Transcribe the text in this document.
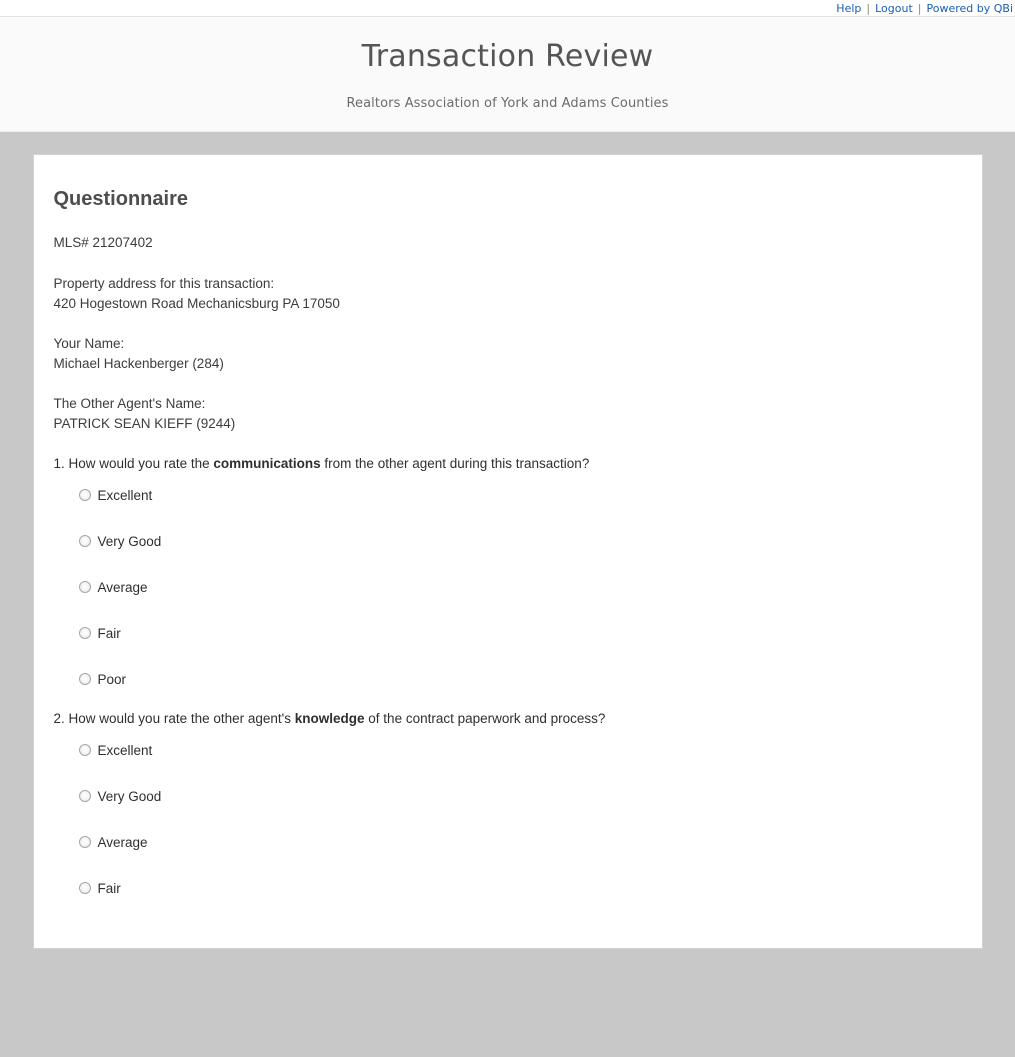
Help | Logout | Powered by QBi
Transaction Review

Realtors Association of York and Adams Counties

Questionnaire

MLS# 21207402

Property address for this transaction:

420 Hogestown Road Mechanicsburg PA 17050

Your Name:

Michael Hackenberger (284)

The Other Agent's Name:

PATRICK SEAN KIEFF (9244)

1. How would you rate the communications from the other agent during this transaction?

Excellent
Very Good
Average
Fair
Poor

2. How would you rate the other agent's knowledge of the contract paperwork and process?

Excellent
Very Good
Average
Fair
